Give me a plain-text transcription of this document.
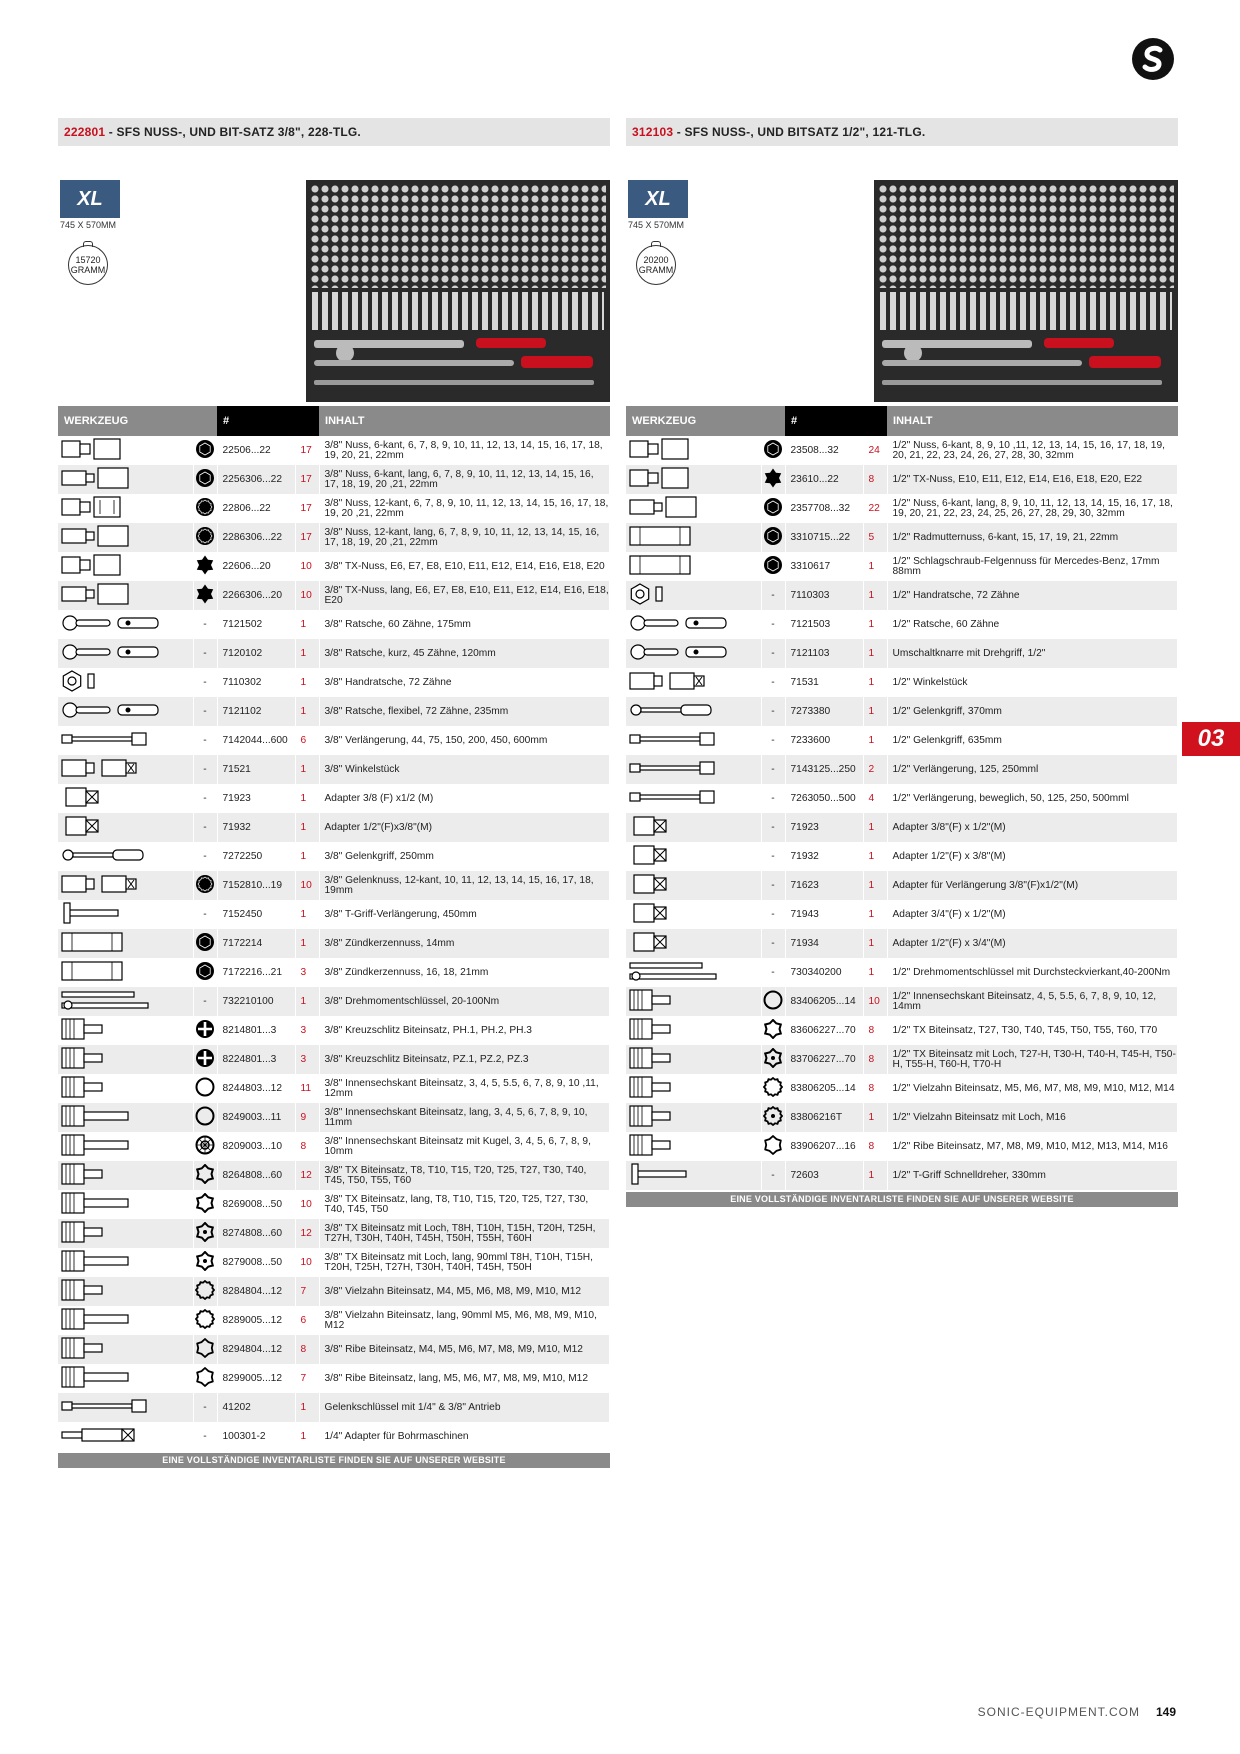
222801 - SFS NUSS-, UND BIT-SATZ 3/8", 228-TLG.
XL
745 X 570MM
15720
GRAMM
WERKZEUG		#		INHALT
		22506...22	17	3/8" Nuss, 6-kant, 6, 7, 8, 9, 10, 11, 12, 13, 14, 15, 16, 17, 18, 19, 20, 21, 22mm
		2256306...22	17	3/8" Nuss, 6-kant, lang, 6, 7, 8, 9, 10, 11, 12, 13, 14, 15, 16, 17, 18, 19, 20 ,21, 22mm
		22806...22	17	3/8" Nuss, 12-kant, 6, 7, 8, 9, 10, 11, 12, 13, 14, 15, 16, 17, 18, 19, 20 ,21, 22mm
		2286306...22	17	3/8" Nuss, 12-kant, lang, 6, 7, 8, 9, 10, 11, 12, 13, 14, 15, 16, 17, 18, 19, 20 ,21, 22mm
		22606...20	10	3/8" TX-Nuss, E6, E7, E8, E10, E11, E12, E14, E16, E18, E20
		2266306...20	10	3/8" TX-Nuss, lang, E6, E7, E8, E10, E11, E12, E14, E16, E18, E20
	-	7121502	1	3/8" Ratsche, 60 Zähne, 175mm
	-	7120102	1	3/8" Ratsche, kurz, 45 Zähne, 120mm
	-	7110302	1	3/8" Handratsche, 72 Zähne
	-	7121102	1	3/8" Ratsche, flexibel, 72 Zähne, 235mm
	-	7142044...600	6	3/8" Verlängerung, 44, 75, 150, 200, 450, 600mm
	-	71521	1	3/8" Winkelstück
	-	71923	1	Adapter 3/8 (F) x1/2 (M)
	-	71932	1	Adapter 1/2"(F)x3/8"(M)
	-	7272250	1	3/8" Gelenkgriff, 250mm
		7152810...19	10	3/8" Gelenknuss, 12-kant, 10, 11, 12, 13, 14, 15, 16, 17, 18, 19mm
	-	7152450	1	3/8" T-Griff-Verlängerung, 450mm
		7172214	1	3/8" Zündkerzennuss, 14mm
		7172216...21	3	3/8" Zündkerzennuss, 16, 18, 21mm
	-	732210100	1	3/8" Drehmomentschlüssel, 20-100Nm
		8214801...3	3	3/8" Kreuzschlitz Biteinsatz, PH.1, PH.2, PH.3
		8224801...3	3	3/8" Kreuzschlitz Biteinsatz, PZ.1, PZ.2, PZ.3
		8244803...12	11	3/8" Innensechskant Biteinsatz, 3, 4, 5, 5.5, 6, 7, 8, 9, 10 ,11, 12mm
		8249003...11	9	3/8" Innensechskant Biteinsatz, lang, 3, 4, 5, 6, 7, 8, 9, 10, 11mm
		8209003...10	8	3/8" Innensechskant Biteinsatz mit Kugel, 3, 4, 5, 6, 7, 8, 9, 10mm
		8264808...60	12	3/8" TX Biteinsatz, T8, T10, T15, T20, T25, T27, T30, T40, T45, T50, T55, T60
		8269008...50	10	3/8" TX Biteinsatz, lang, T8, T10, T15, T20, T25, T27, T30, T40, T45, T50
		8274808...60	12	3/8" TX Biteinsatz mit Loch, T8H, T10H, T15H, T20H, T25H, T27H, T30H, T40H, T45H, T50H, T55H, T60H
		8279008...50	10	3/8" TX Biteinsatz mit Loch, lang, 90mml T8H, T10H, T15H, T20H, T25H, T27H, T30H, T40H, T45H, T50H
		8284804...12	7	3/8" Vielzahn Biteinsatz, M4, M5, M6, M8, M9, M10, M12
		8289005...12	6	3/8" Vielzahn Biteinsatz, lang, 90mml M5, M6, M8, M9, M10, M12
		8294804...12	8	3/8" Ribe Biteinsatz, M4, M5, M6, M7, M8, M9, M10, M12
		8299005...12	7	3/8" Ribe Biteinsatz, lang, M5, M6, M7, M8, M9, M10, M12
	-	41202	1	Gelenkschlüssel mit 1/4" & 3/8" Antrieb
	-	100301-2	1	1/4" Adapter für Bohrmaschinen
EINE VOLLSTÄNDIGE INVENTARLISTE FINDEN SIE AUF UNSERER WEBSITE
312103 - SFS NUSS-, UND BITSATZ 1/2", 121-TLG.
XL
745 X 570MM
20200
GRAMM
WERKZEUG		#		INHALT
		23508...32	24	1/2" Nuss, 6-kant, 8, 9, 10 ,11, 12, 13, 14, 15, 16, 17, 18, 19, 20, 21, 22, 23, 24, 26, 27, 28, 30, 32mm
		23610...22	8	1/2" TX-Nuss, E10, E11, E12, E14, E16, E18, E20, E22
		2357708...32	22	1/2" Nuss, 6-kant, lang, 8, 9, 10, 11, 12, 13, 14, 15, 16, 17, 18, 19, 20, 21, 22, 23, 24, 25, 26, 27, 28, 29, 30, 32mm
		3310715...22	5	1/2" Radmutternuss, 6-kant, 15, 17, 19, 21, 22mm
		3310617	1	1/2" Schlagschraub-Felgennuss für Mercedes-Benz, 17mm 88mm
	-	7110303	1	1/2" Handratsche, 72 Zähne
	-	7121503	1	1/2" Ratsche, 60 Zähne
	-	7121103	1	Umschaltknarre mit Drehgriff, 1/2"
	-	71531	1	1/2" Winkelstück
	-	7273380	1	1/2" Gelenkgriff, 370mm
	-	7233600	1	1/2" Gelenkgriff, 635mm
	-	7143125...250	2	1/2" Verlängerung, 125, 250mml
	-	7263050...500	4	1/2" Verlängerung, beweglich, 50, 125, 250, 500mml
	-	71923	1	Adapter 3/8"(F) x 1/2"(M)
	-	71932	1	Adapter 1/2"(F) x 3/8"(M)
	-	71623	1	Adapter für Verlängerung 3/8"(F)x1/2"(M)
	-	71943	1	Adapter 3/4"(F) x 1/2"(M)
	-	71934	1	Adapter 1/2"(F) x 3/4"(M)
	-	730340200	1	1/2" Drehmomentschlüssel mit Durchsteckvierkant,40-200Nm
		83406205...14	10	1/2" Innensechskant Biteinsatz, 4, 5, 5.5, 6, 7, 8, 9, 10, 12, 14mm
		83606227...70	8	1/2" TX Biteinsatz, T27, T30, T40, T45, T50, T55, T60, T70
		83706227...70	8	1/2" TX Biteinsatz mit Loch, T27-H, T30-H, T40-H, T45-H, T50-H, T55-H, T60-H, T70-H
		83806205...14	8	1/2" Vielzahn Biteinsatz, M5, M6, M7, M8, M9, M10, M12, M14
		83806216T	1	1/2" Vielzahn Biteinsatz mit Loch, M16
		83906207...16	8	1/2" Ribe Biteinsatz, M7, M8, M9, M10, M12, M13, M14, M16
	-	72603	1	1/2" T-Griff Schnelldreher, 330mm
EINE VOLLSTÄNDIGE INVENTARLISTE FINDEN SIE AUF UNSERER WEBSITE
03
SONIC-EQUIPMENT.COM 149
